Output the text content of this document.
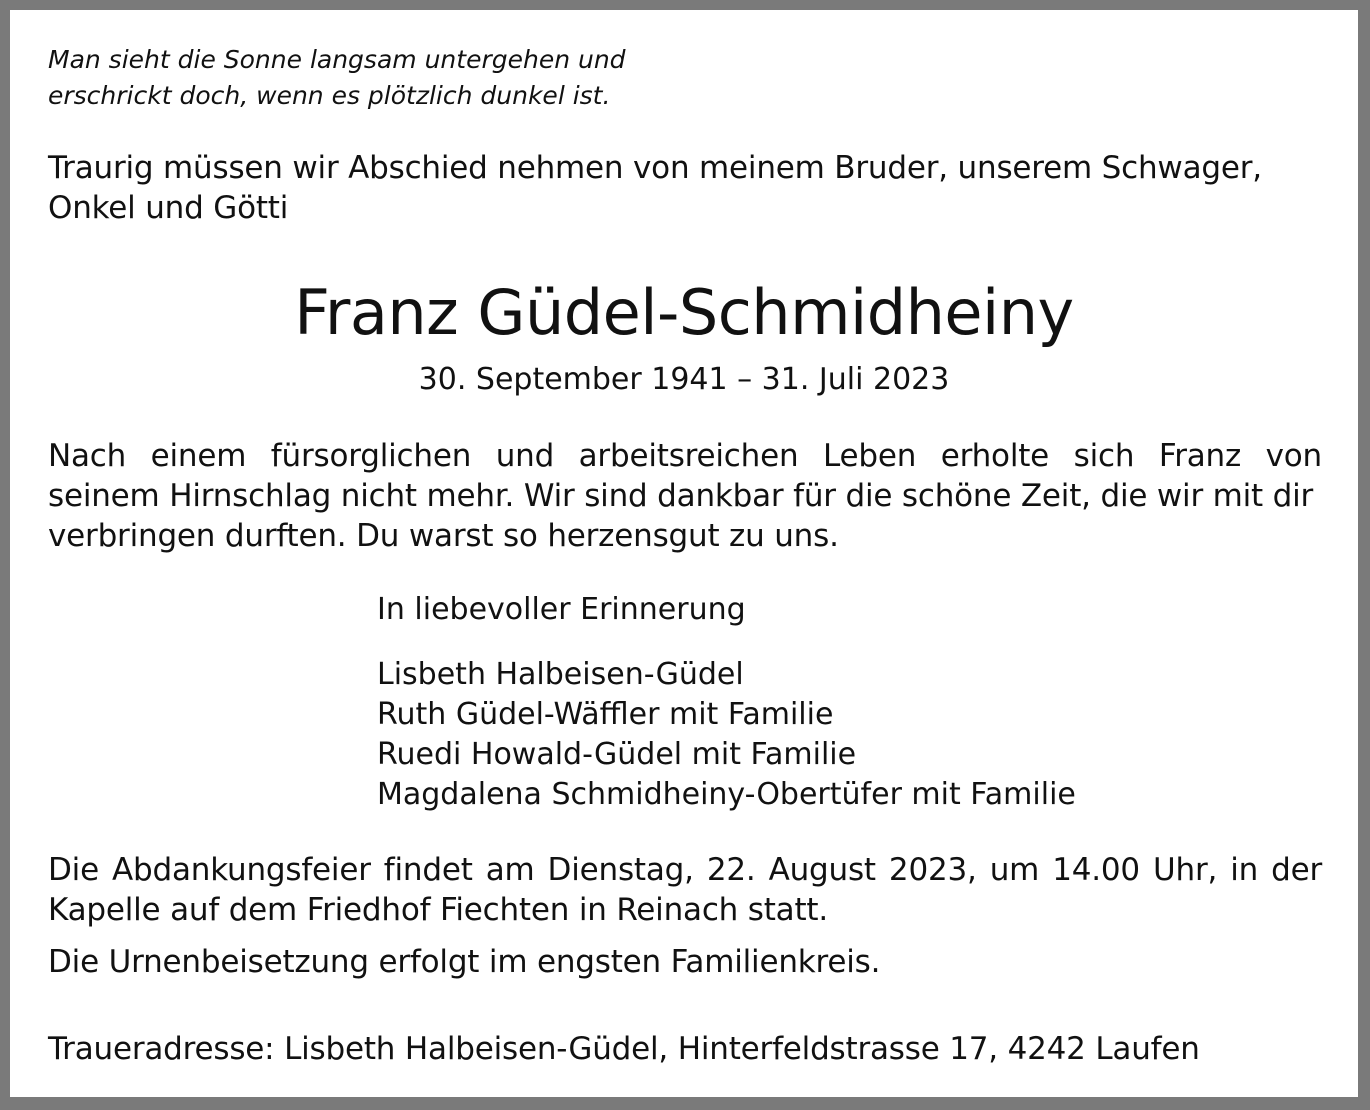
Man sieht die Sonne langsam untergehen und

erschrickt doch, wenn es plötzlich dunkel ist.

Traurig müssen wir Abschied nehmen von meinem Bruder, unserem Schwager,

Onkel und Götti

Franz Güdel-Schmidheiny

30. September 1941 – 31. Juli 2023

Nach einem fürsorglichen und arbeitsreichen Leben erholte sich Franz von

seinem Hirnschlag nicht mehr. Wir sind dankbar für die schöne Zeit, die wir mit dir

verbringen durften. Du warst so herzensgut zu uns.

In liebevoller Erinnerung

Lisbeth Halbeisen-Güdel

Ruth Güdel-Wäffler mit Familie

Ruedi Howald-Güdel mit Familie

Magdalena Schmidheiny-Obertüfer mit Familie

Die Abdankungsfeier findet am Dienstag, 22. August 2023, um 14.00 Uhr, in der

Kapelle auf dem Friedhof Fiechten in Reinach statt.

Die Urnenbeisetzung erfolgt im engsten Familienkreis.

Traueradresse: Lisbeth Halbeisen-Güdel, Hinterfeldstrasse 17, 4242 Laufen
